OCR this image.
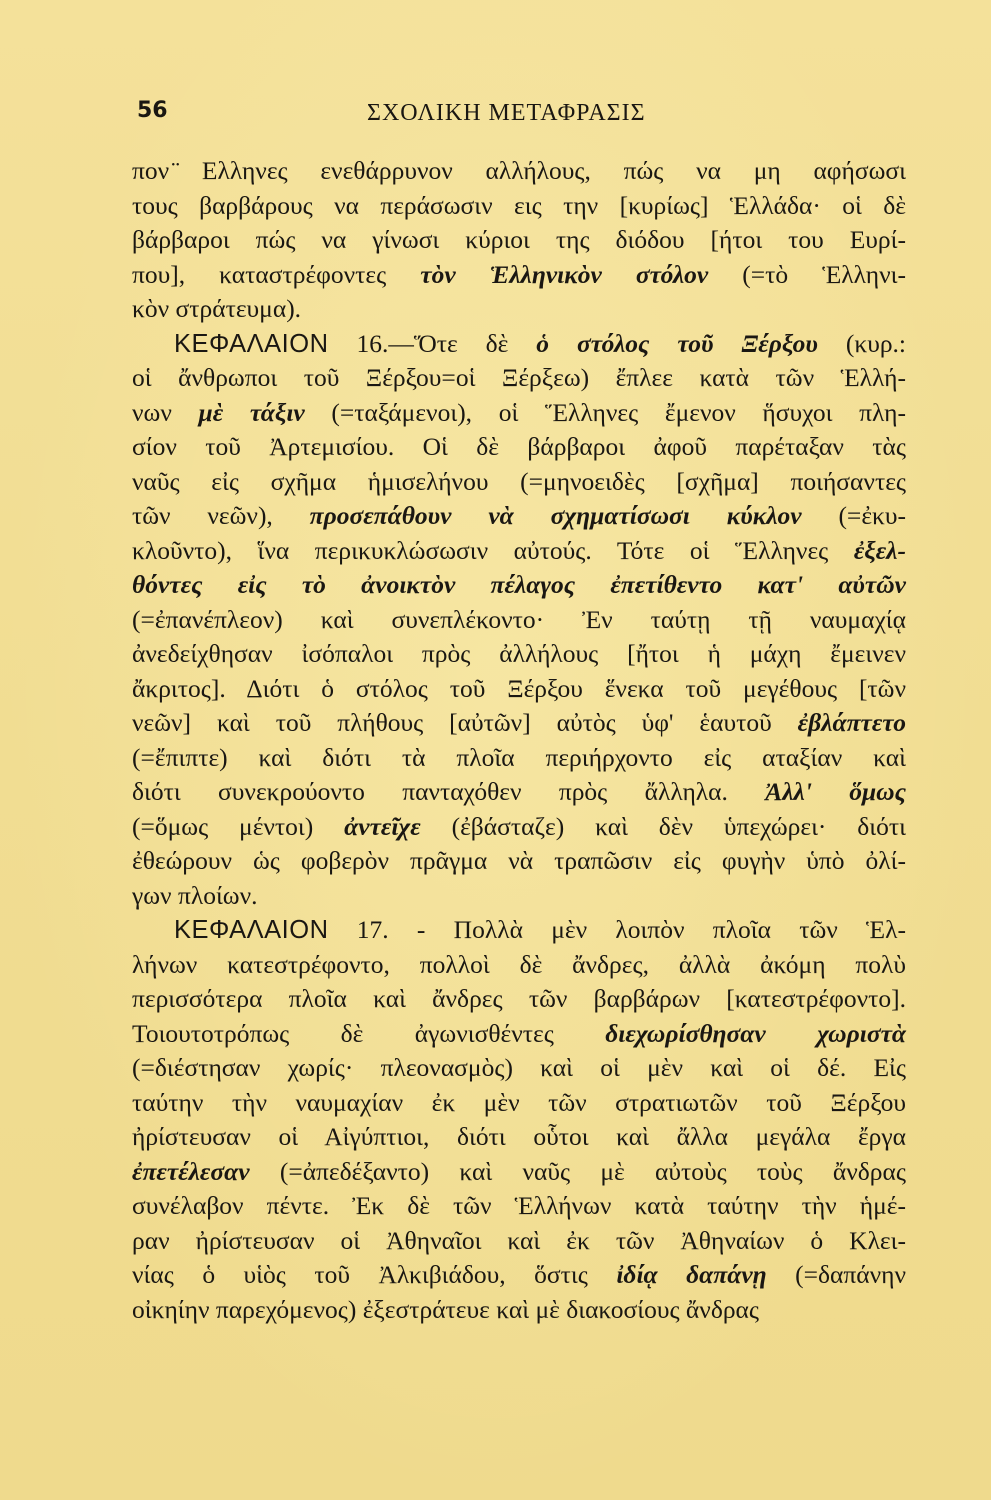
56	ΣΧΟΛΙΚΗ ΜΕΤΑΦΡΑΣΙΣ
πον ̈Ελληνες ενεθάρρυνον αλλήλους, πώς να μη αφήσωσι
τους βαρβάρους να περάσωσιν εις την [κυρίως] Ἑλλάδα· οἱ δὲ
βάρβαροι πώς να γίνωσι κύριοι της διόδου [ήτοι του Ευρί-
που], καταστρέφοντες τὸν Ἑλληνικὸν στόλον (=τὸ Ἑλληνι-
κὸν στράτευμα).
ΚΕΦΑΛΑΙΟΝ 16.—Ὅτε δὲ ὁ στόλος τοῦ Ξέρξου (κυρ.:
οἱ ἄνθρωποι τοῦ Ξέρξου=οἱ Ξέρξεω) ἔπλεε κατὰ τῶν Ἑλλή-
νων μὲ τάξιν (=ταξάμενοι), οἱ Ἕλληνες ἔμενον ἥσυχοι πλη-
σίον τοῦ Ἀρτεμισίου. Οἱ δὲ βάρβαροι ἀφοῦ παρέταξαν τὰς
ναῦς εἰς σχῆμα ἡμισελήνου (=μηνοειδὲς [σχῆμα] ποιήσαντες
τῶν νεῶν), προσεπάθουν νὰ σχηματίσωσι κύκλον (=ἐκυ-
κλοῦντο), ἵνα περικυκλώσωσιν αὐτούς. Τότε οἱ Ἕλληνες ἐξελ-
θόντες εἰς τὸ ἀνοικτὸν πέλαγος ἐπετίθεντο κατ' αὐτῶν
(=ἐπανέπλεον) καὶ συνεπλέκοντο· Ἐν ταύτῃ τῇ ναυμαχίᾳ
ἀνεδείχθησαν ἰσόπαλοι πρὸς ἀλλήλους [ἤτοι ἡ μάχη ἔμεινεν
ἄκριτος]. Διότι ὁ στόλος τοῦ Ξέρξου ἕνεκα τοῦ μεγέθους [τῶν
νεῶν] καὶ τοῦ πλήθους [αὐτῶν] αὐτὸς ὑφ' ἑαυτοῦ ἐβλάπτετο
(=ἔπιπτε) καὶ διότι τὰ πλοῖα περιήρχοντο εἰς αταξίαν καὶ
διότι συνεκρούοντο πανταχόθεν πρὸς ἄλληλα. Ἀλλ' ὅμως
(=ὅμως μέντοι) ἀντεῖχε (ἐβάσταζε) καὶ δὲν ὑπεχώρει· διότι
ἐθεώρουν ὡς φοβερὸν πρᾶγμα νὰ τραπῶσιν εἰς φυγὴν ὑπὸ ὀλί-
γων πλοίων.
ΚΕΦΑΛΑΙΟΝ 17. - Πολλὰ μὲν λοιπὸν πλοῖα τῶν Ἑλ-
λήνων κατεστρέφοντο, πολλοὶ δὲ ἄνδρες, ἀλλὰ ἀκόμη πολὺ
περισσότερα πλοῖα καὶ ἄνδρες τῶν βαρβάρων [κατεστρέφοντο].
Τοιουτοτρόπως δὲ ἀγωνισθέντες διεχωρίσθησαν χωριστὰ
(=διέστησαν χωρίς· πλεονασμὸς) καὶ οἱ μὲν καὶ οἱ δέ. Εἰς
ταύτην τὴν ναυμαχίαν ἐκ μὲν τῶν στρατιωτῶν τοῦ Ξέρξου
ἠρίστευσαν οἱ Αἰγύπτιοι, διότι οὗτοι καὶ ἄλλα μεγάλα ἔργα
ἐπετέλεσαν (=ἀπεδέξαντο) καὶ ναῦς μὲ αὐτοὺς τοὺς ἄνδρας
συνέλαβον πέντε. Ἐκ δὲ τῶν Ἑλλήνων κατὰ ταύτην τὴν ἡμέ-
ραν ἠρίστευσαν οἱ Ἀθηναῖοι καὶ ἐκ τῶν Ἀθηναίων ὁ Κλει-
νίας ὁ υἱὸς τοῦ Ἀλκιβιάδου, ὅστις ἰδίᾳ δαπάνῃ (=δαπάνην
οἰκηίην παρεχόμενος) ἐξεστράτευε καὶ μὲ διακοσίους ἄνδρας
